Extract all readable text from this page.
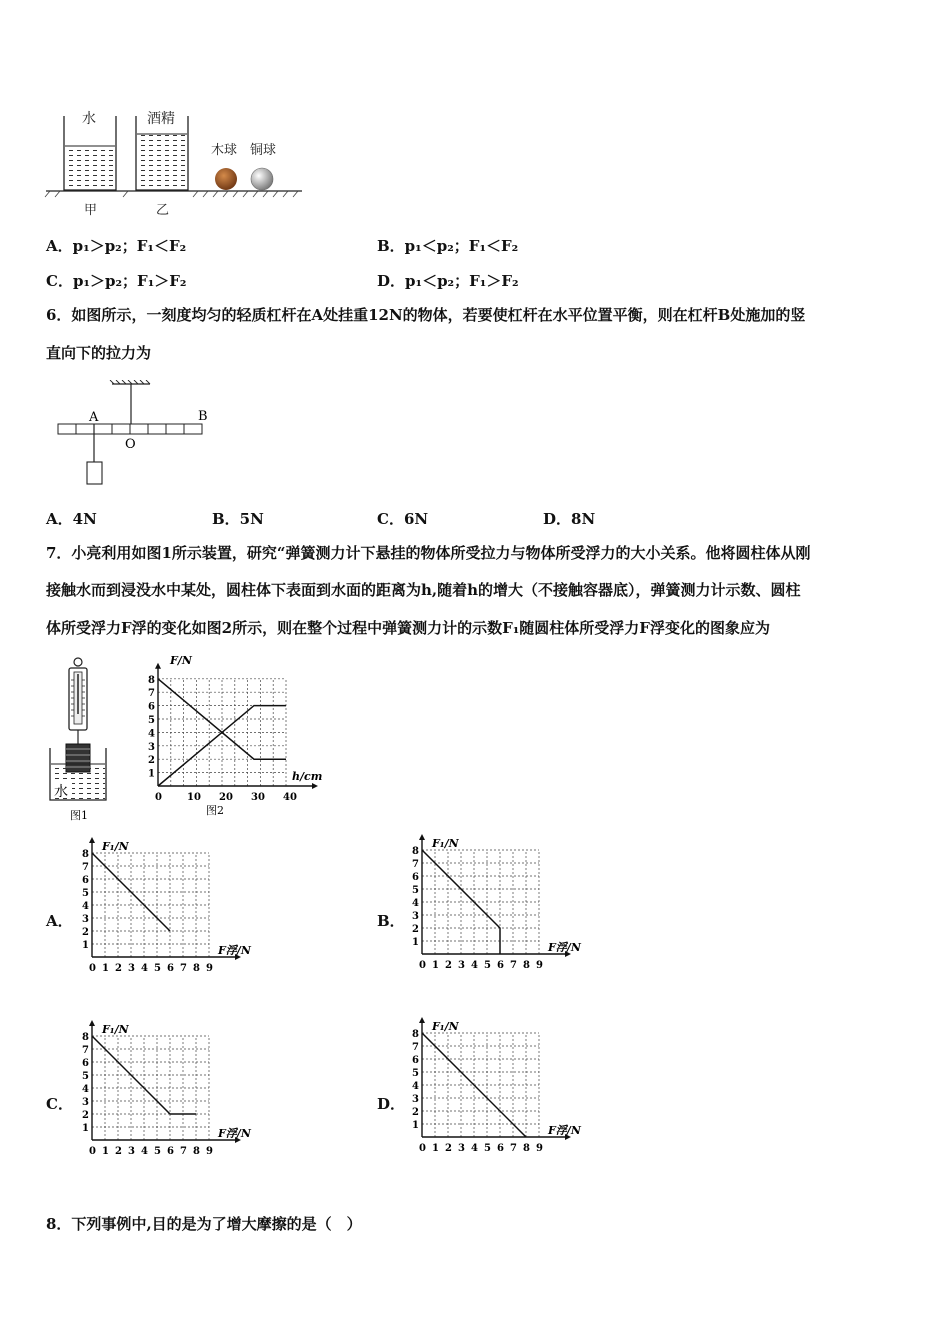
水	酒精
木球 铜球
甲	乙
A．p₁＞p₂；F₁＜F₂	B．p₁＜p₂；F₁＜F₂
C．p₁＞p₂；F₁＞F₂	D．p₁＜p₂；F₁＞F₂
6．如图所示，一刻度均匀的轻质杠杆在A处挂重12N的物体，若要使杠杆在水平位置平衡，则在杠杆B处施加的竖
直向下的拉力为
A	B
O
A．4N	B．5N	C．6N	D．8N
7．小亮利用如图1所示装置，研究“弹簧测力计下悬挂的物体所受拉力与物体所受浮力的大小关系。他将圆柱体从刚
接触水而到浸没水中某处，圆柱体下表面到水面的距离为h,随着h的增大（不接触容器底），弹簧测力计示数、圆柱
体所受浮力F浮的变化如图2所示，则在整个过程中弹簧测力计的示数F₁随圆柱体所受浮力F浮变化的图象应为
水
图1
0	10 20 30 40
1
2
3
4
5
6
7
8
F/N
h/cm
图2
A．
0 1 2 3 4 5 6 7 8 9
1
2
3
4
5
6
7
8
F₁/N
F浮/N
B．
0 1 2 3 4 5 6 7 8 9
1
2
3
4
5
6
7
8
F₁/N
F浮/N
C．
0 1 2 3 4 5 6 7 8 9
1
2
3
4
5
6
7
8
F₁/N
F浮/N
D．
0 1 2 3 4 5 6 7 8 9
1
2
3
4
5
6
7
8
F₁/N
F浮/N
8．下列事例中,目的是为了增大摩擦的是（　）
